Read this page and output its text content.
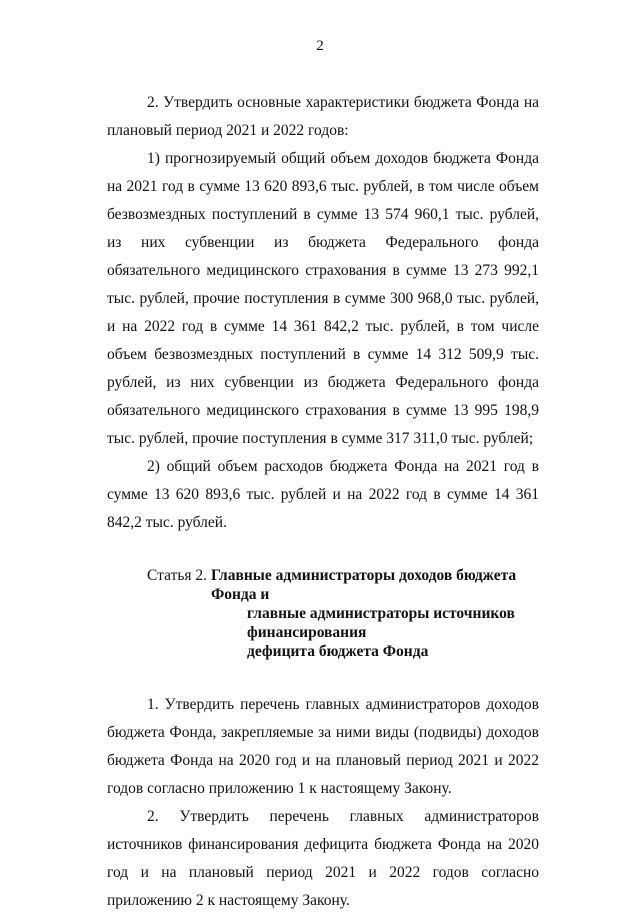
2

2. Утвердить основные характеристики бюджета Фонда на плановый период 2021 и 2022 годов:

1) прогнозируемый общий объем доходов бюджета Фонда на 2021 год в сумме 13 620 893,6 тыс. рублей, в том числе объем безвозмездных поступлений в сумме 13 574 960,1 тыс. рублей, из них субвенции из бюджета Федерального фонда обязательного медицинского страхования в сумме 13 273 992,1 тыс. рублей, прочие поступления в сумме 300 968,0 тыс. рублей, и на 2022 год в сумме 14 361 842,2 тыс. рублей, в том числе объем безвозмездных поступлений в сумме 14 312 509,9 тыс. рублей, из них субвенции из бюджета Федерального фонда обязательного медицинского страхования в сумме 13 995 198,9 тыс. рублей, прочие поступления в сумме 317 311,0 тыс. рублей;

2) общий объем расходов бюджета Фонда на 2021 год в сумме 13 620 893,6 тыс. рублей и на 2022 год в сумме 14 361 842,2 тыс. рублей.

Статья 2. Главные администраторы доходов бюджета Фонда и
главные администраторы источников финансирования
дефицита бюджета Фонда

1. Утвердить перечень главных администраторов доходов бюджета Фонда, закрепляемые за ними виды (подвиды) доходов бюджета Фонда на 2020 год и на плановый период 2021 и 2022 годов согласно приложению 1 к настоящему Закону.

2. Утвердить перечень главных администраторов источников финансирования дефицита бюджета Фонда на 2020 год и на плановый период 2021 и 2022 годов согласно приложению 2 к настоящему Закону.
